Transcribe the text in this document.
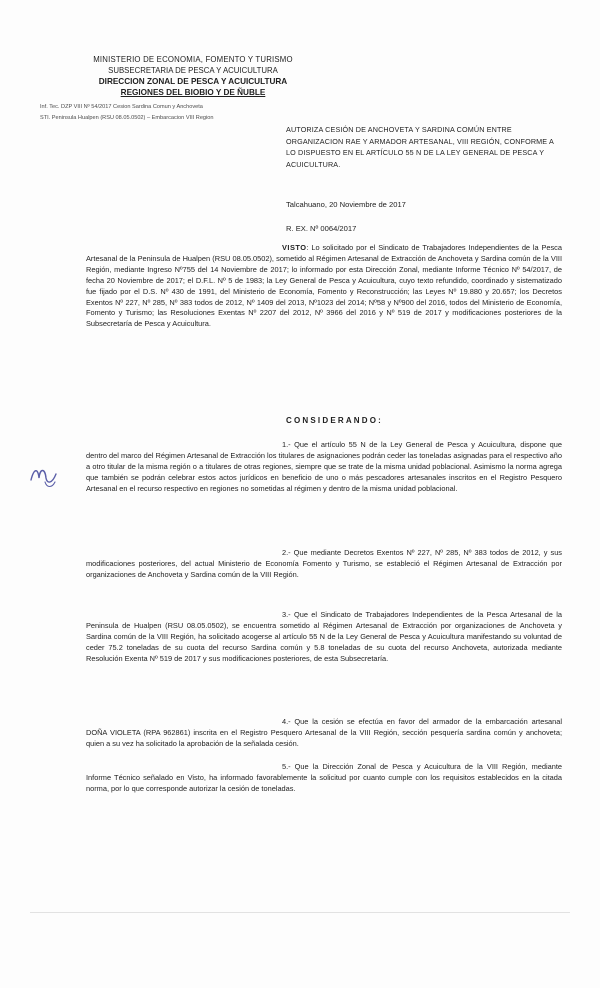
MINISTERIO DE ECONOMIA, FOMENTO Y TURISMO
SUBSECRETARIA DE PESCA Y ACUICULTURA
DIRECCION ZONAL DE PESCA Y ACUICULTURA
REGIONES DEL BIOBIO Y DE ÑUBLE
Inf. Tec. DZP VIII Nº 54/2017 Cesion Sardina Comun y Anchoveta
STI. Peninsula Hualpen (RSU 08.05.0502) – Embarcacion VIII Region
AUTORIZA CESIÓN DE ANCHOVETA Y SARDINA COMÚN ENTRE ORGANIZACION RAE Y ARMADOR ARTESANAL, VIII REGIÓN, CONFORME A LO DISPUESTO EN EL ARTÍCULO 55 N DE LA LEY GENERAL DE PESCA Y ACUICULTURA.
Talcahuano, 20 Noviembre de 2017
R. EX. Nº 0064/2017
VISTO: Lo solicitado por el Sindicato de Trabajadores Independientes de la Pesca Artesanal de la Peninsula de Hualpen (RSU 08.05.0502), sometido al Régimen Artesanal de Extracción de Anchoveta y Sardina común de la VIII Región, mediante Ingreso Nº755 del 14 Noviembre de 2017; lo informado por esta Dirección Zonal, mediante Informe Técnico Nº 54/2017, de fecha 20 Noviembre de 2017; el D.F.L. Nº 5 de 1983; la Ley General de Pesca y Acuicultura, cuyo texto refundido, coordinado y sistematizado fue fijado por el D.S. Nº 430 de 1991, del Ministerio de Economía, Fomento y Reconstrucción; las Leyes Nº 19.880 y 20.657; los Decretos Exentos Nº 227, Nº 285, Nº 383 todos de 2012, Nº 1409 del 2013, Nº1023 del 2014; Nº58 y Nº900 del 2016, todos del Ministerio de Economía, Fomento y Turismo; las Resoluciones Exentas Nº 2207 del 2012, Nº 3966 del 2016 y Nº 519 de 2017 y modificaciones posteriores de la Subsecretaría de Pesca y Acuicultura.
CONSIDERANDO:
1.- Que el artículo 55 N de la Ley General de Pesca y Acuicultura, dispone que dentro del marco del Régimen Artesanal de Extracción los titulares de asignaciones podrán ceder las toneladas asignadas para el respectivo año a otro titular de la misma región o a titulares de otras regiones, siempre que se trate de la misma unidad poblacional. Asimismo la norma agrega que también se podrán celebrar estos actos jurídicos en beneficio de uno o más pescadores artesanales inscritos en el Registro Pesquero Artesanal en el recurso respectivo en regiones no sometidas al régimen y dentro de la misma unidad poblacional.
2.- Que mediante Decretos Exentos Nº 227, Nº 285, Nº 383 todos de 2012, y sus modificaciones posteriores, del actual Ministerio de Economía Fomento y Turismo, se estableció el Régimen Artesanal de Extracción por organizaciones de Anchoveta y Sardina común de la VIII Región.
3.- Que el Sindicato de Trabajadores Independientes de la Pesca Artesanal de la Peninsula de Hualpen (RSU 08.05.0502), se encuentra sometido al Régimen Artesanal de Extracción por organizaciones de Anchoveta y Sardina común de la VIII Región, ha solicitado acogerse al artículo 55 N de la Ley General de Pesca y Acuicultura manifestando su voluntad de ceder 75.2 toneladas de su cuota del recurso Sardina común y 5.8 toneladas de su cuota del recurso Anchoveta, autorizada mediante Resolución Exenta Nº 519 de 2017 y sus modificaciones posteriores, de esta Subsecretaría.
4.- Que la cesión se efectúa en favor del armador de la embarcación artesanal DOÑA VIOLETA (RPA 962861) inscrita en el Registro Pesquero Artesanal de la VIII Región, sección pesquería sardina común y anchoveta; quien a su vez ha solicitado la aprobación de la señalada cesión.
5.- Que la Dirección Zonal de Pesca y Acuicultura de la VIII Región, mediante Informe Técnico señalado en Visto, ha informado favorablemente la solicitud por cuanto cumple con los requisitos establecidos en la citada norma, por lo que corresponde autorizar la cesión de toneladas.
